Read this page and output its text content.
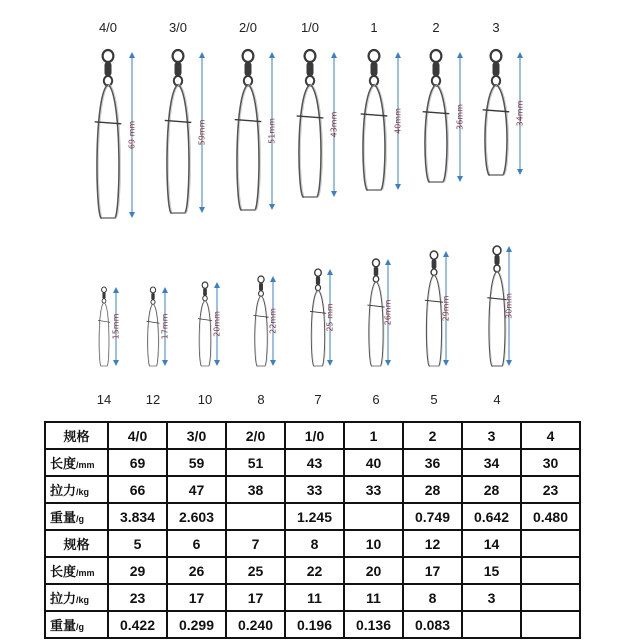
69 mm	59mm	51mm	43mm	40mm	36mm	34mm
15mm	17mm	20mm	22mm	25 mm	26mm	29mm	30mm
4/0	3/0	2/0	1/0	1	2	3
14	12	10	8	7	6	5	4
规格	4/0	3/0	2/0	1/0	1	2	3	4
长度/mm	69	59	51	43	40	36	34	30
拉力/kg	66	47	38	33	33	28	28	23
重量/g	3.834	2.603		1.245		0.749	0.642	0.480
规格	5	6	7	8	10	12	14	
长度/mm	29	26	25	22	20	17	15	
拉力/kg	23	17	17	11	11	8	3	
重量/g	0.422	0.299	0.240	0.196	0.136	0.083		
